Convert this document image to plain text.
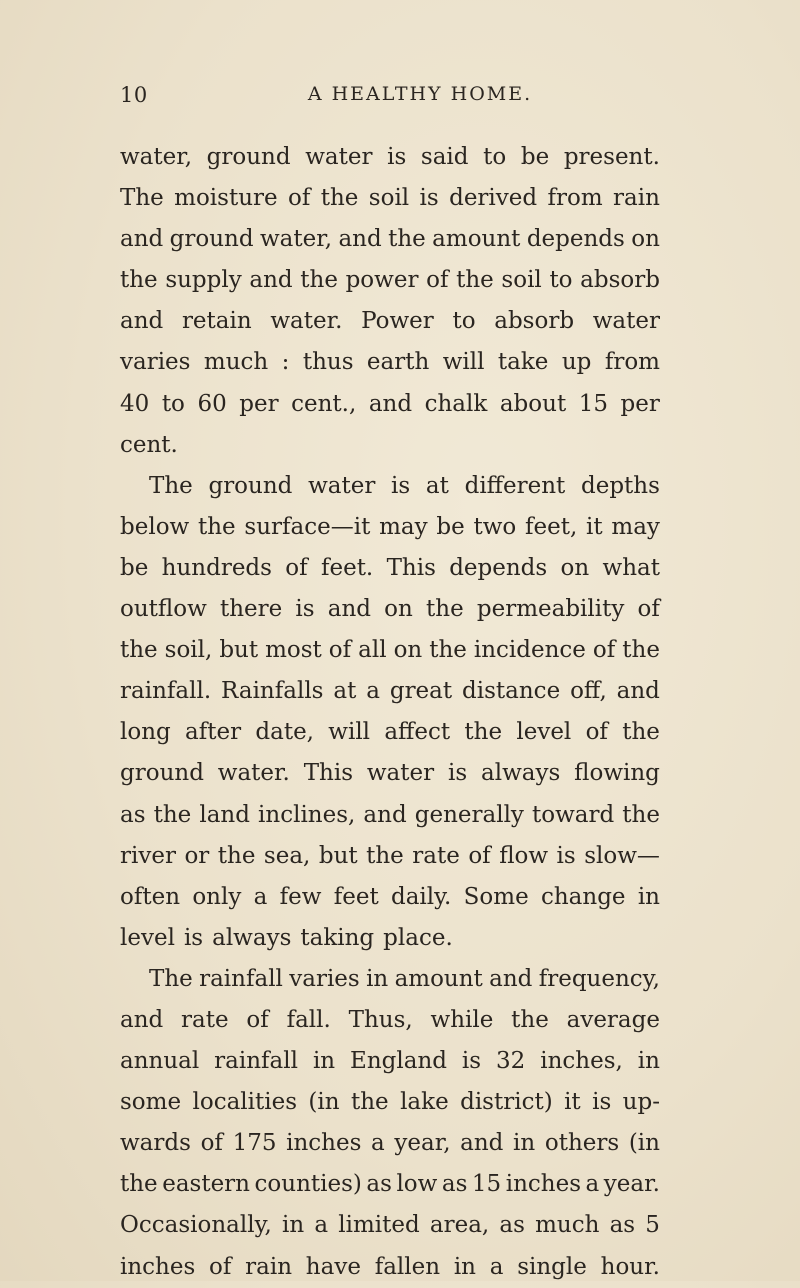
10	A HEALTHY HOME.
water, ground water is said to be present.
The moisture of the soil is derived from rain
and ground water, and the amount depends on
the supply and the power of the soil to absorb
and retain water. Power to absorb water
varies much : thus earth will take up from
40 to 60 per cent., and chalk about 15 per
cent.
The ground water is at different depths
below the surface—it may be two feet, it may
be hundreds of feet. This depends on what
outflow there is and on the permeability of
the soil, but most of all on the incidence of the
rainfall. Rainfalls at a great distance off, and
long after date, will affect the level of the
ground water. This water is always flowing
as the land inclines, and generally toward the
river or the sea, but the rate of flow is slow—
often only a few feet daily. Some change in
level is always taking place.
The rainfall varies in amount and frequency,
and rate of fall. Thus, while the average
annual rainfall in England is 32 inches, in
some localities (in the lake district) it is up-
wards of 175 inches a year, and in others (in
the eastern counties) as low as 15 inches a year.
Occasionally, in a limited area, as much as 5
inches of rain have fallen in a single hour.
